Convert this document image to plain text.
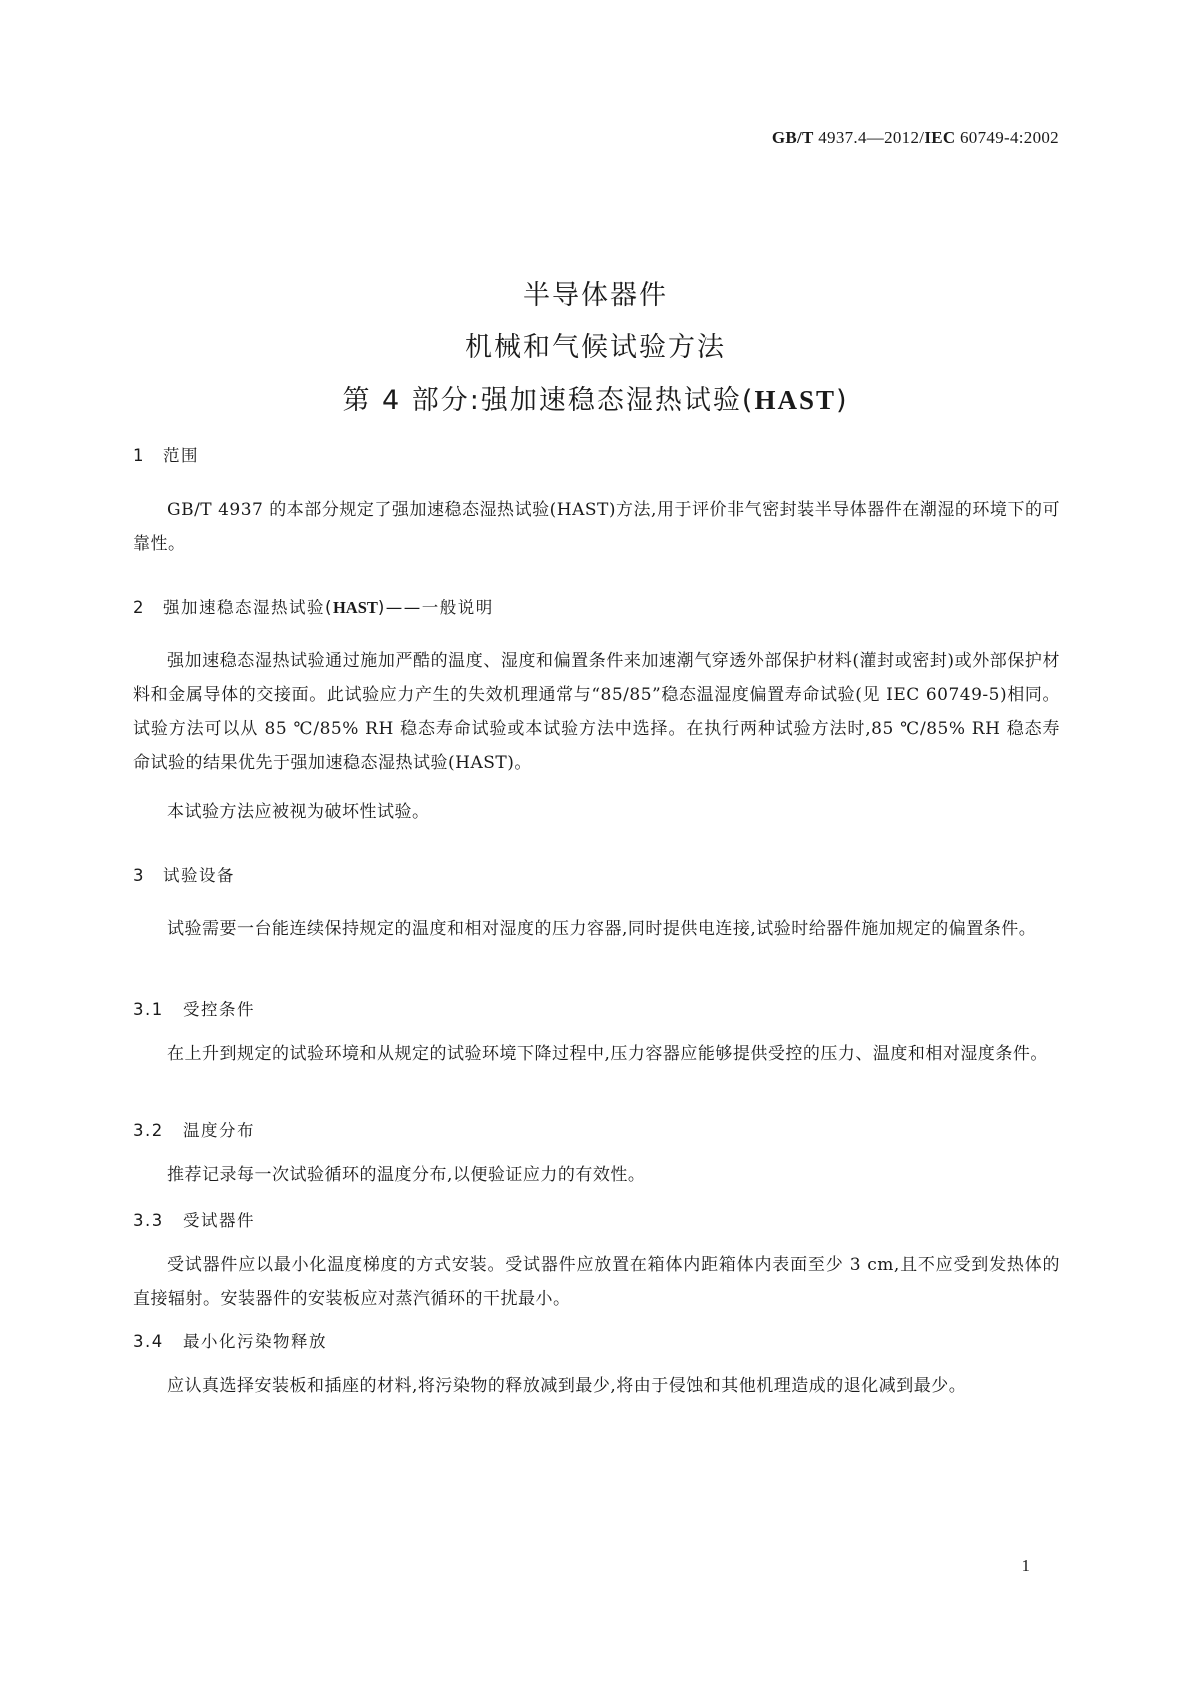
GB/T 4937.4—2012/IEC 60749-4:2002
半导体器件
机械和气候试验方法
第 4 部分:强加速稳态湿热试验(HAST)
1 范围

GB/T 4937 的本部分规定了强加速稳态湿热试验(HAST)方法,用于评价非气密封装半导体器件在潮湿的环境下的可靠性。

2 强加速稳态湿热试验(HAST)——一般说明

强加速稳态湿热试验通过施加严酷的温度、湿度和偏置条件来加速潮气穿透外部保护材料(灌封或密封)或外部保护材料和金属导体的交接面。此试验应力产生的失效机理通常与“85/85”稳态温湿度偏置寿命试验(见 IEC 60749-5)相同。试验方法可以从 85 ℃/85% RH 稳态寿命试验或本试验方法中选择。在执行两种试验方法时,85 ℃/85% RH 稳态寿命试验的结果优先于强加速稳态湿热试验(HAST)。

本试验方法应被视为破坏性试验。

3 试验设备

试验需要一台能连续保持规定的温度和相对湿度的压力容器,同时提供电连接,试验时给器件施加规定的偏置条件。

3.1 受控条件

在上升到规定的试验环境和从规定的试验环境下降过程中,压力容器应能够提供受控的压力、温度和相对湿度条件。

3.2 温度分布

推荐记录每一次试验循环的温度分布,以便验证应力的有效性。

3.3 受试器件

受试器件应以最小化温度梯度的方式安装。受试器件应放置在箱体内距箱体内表面至少 3 cm,且不应受到发热体的直接辐射。安装器件的安装板应对蒸汽循环的干扰最小。

3.4 最小化污染物释放

应认真选择安装板和插座的材料,将污染物的释放减到最少,将由于侵蚀和其他机理造成的退化减到最少。

1
